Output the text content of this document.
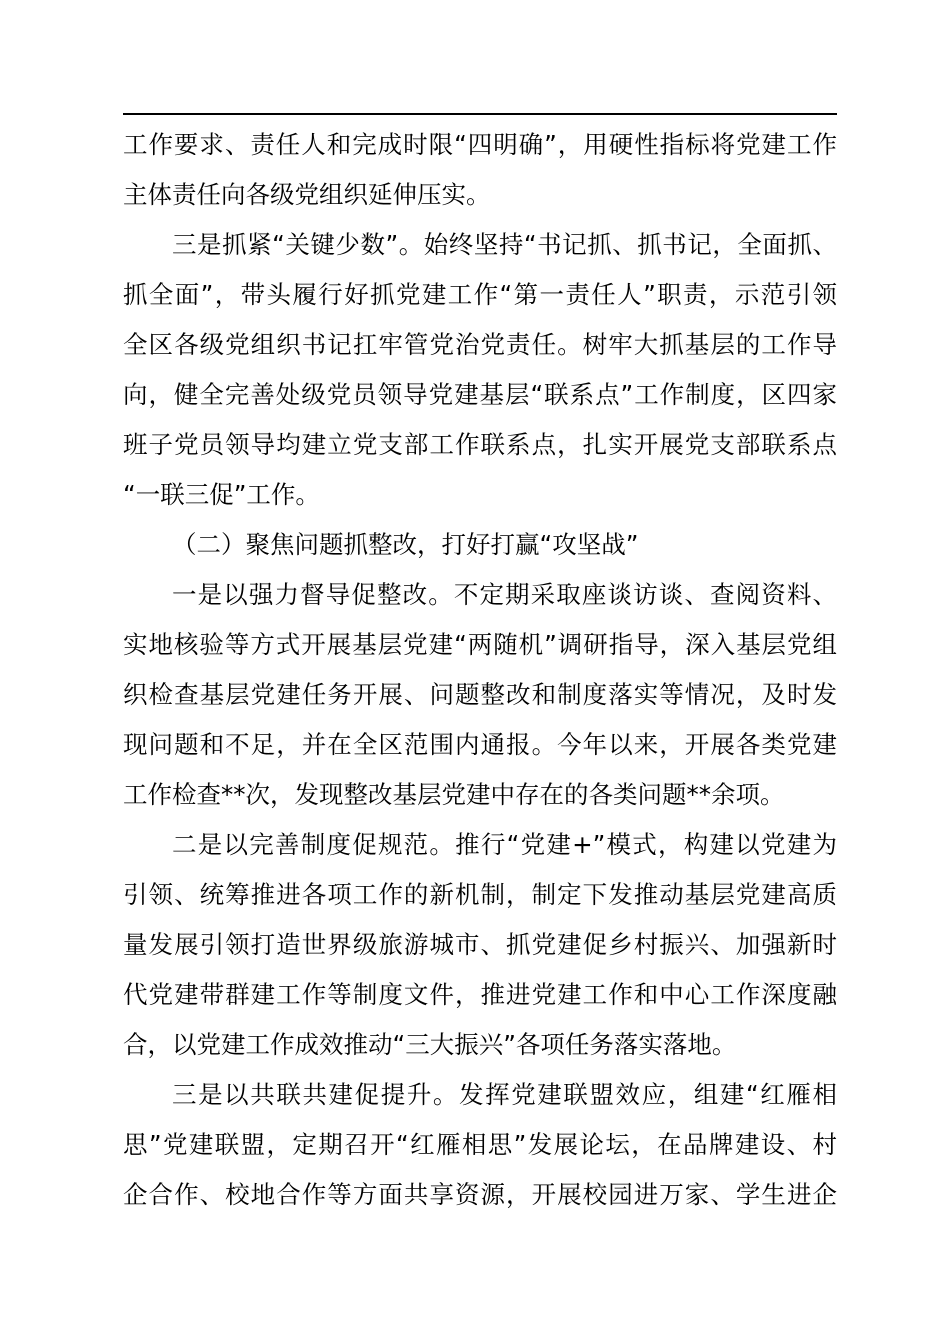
工作要求、责任人和完成时限“四明确”，用硬性指标将党建工作
主体责任向各级党组织延伸压实。
三是抓紧“关键少数”。始终坚持“书记抓、抓书记，全面抓、
抓全面”，带头履行好抓党建工作“第一责任人”职责，示范引领
全区各级党组织书记扛牢管党治党责任。树牢大抓基层的工作导
向，健全完善处级党员领导党建基层“联系点”工作制度，区四家
班子党员领导均建立党支部工作联系点，扎实开展党支部联系点
“一联三促”工作。
（二）聚焦问题抓整改，打好打赢“攻坚战”
一是以强力督导促整改。不定期采取座谈访谈、查阅资料、
实地核验等方式开展基层党建“两随机”调研指导，深入基层党组
织检查基层党建任务开展、问题整改和制度落实等情况，及时发
现问题和不足，并在全区范围内通报。今年以来，开展各类党建
工作检查**次，发现整改基层党建中存在的各类问题**余项。
二是以完善制度促规范。推行“党建+”模式，构建以党建为
引领、统筹推进各项工作的新机制，制定下发推动基层党建高质
量发展引领打造世界级旅游城市、抓党建促乡村振兴、加强新时
代党建带群建工作等制度文件，推进党建工作和中心工作深度融
合，以党建工作成效推动“三大振兴”各项任务落实落地。
三是以共联共建促提升。发挥党建联盟效应，组建“红雁相
思”党建联盟，定期召开“红雁相思”发展论坛，在品牌建设、村
企合作、校地合作等方面共享资源，开展校园进万家、学生进企
